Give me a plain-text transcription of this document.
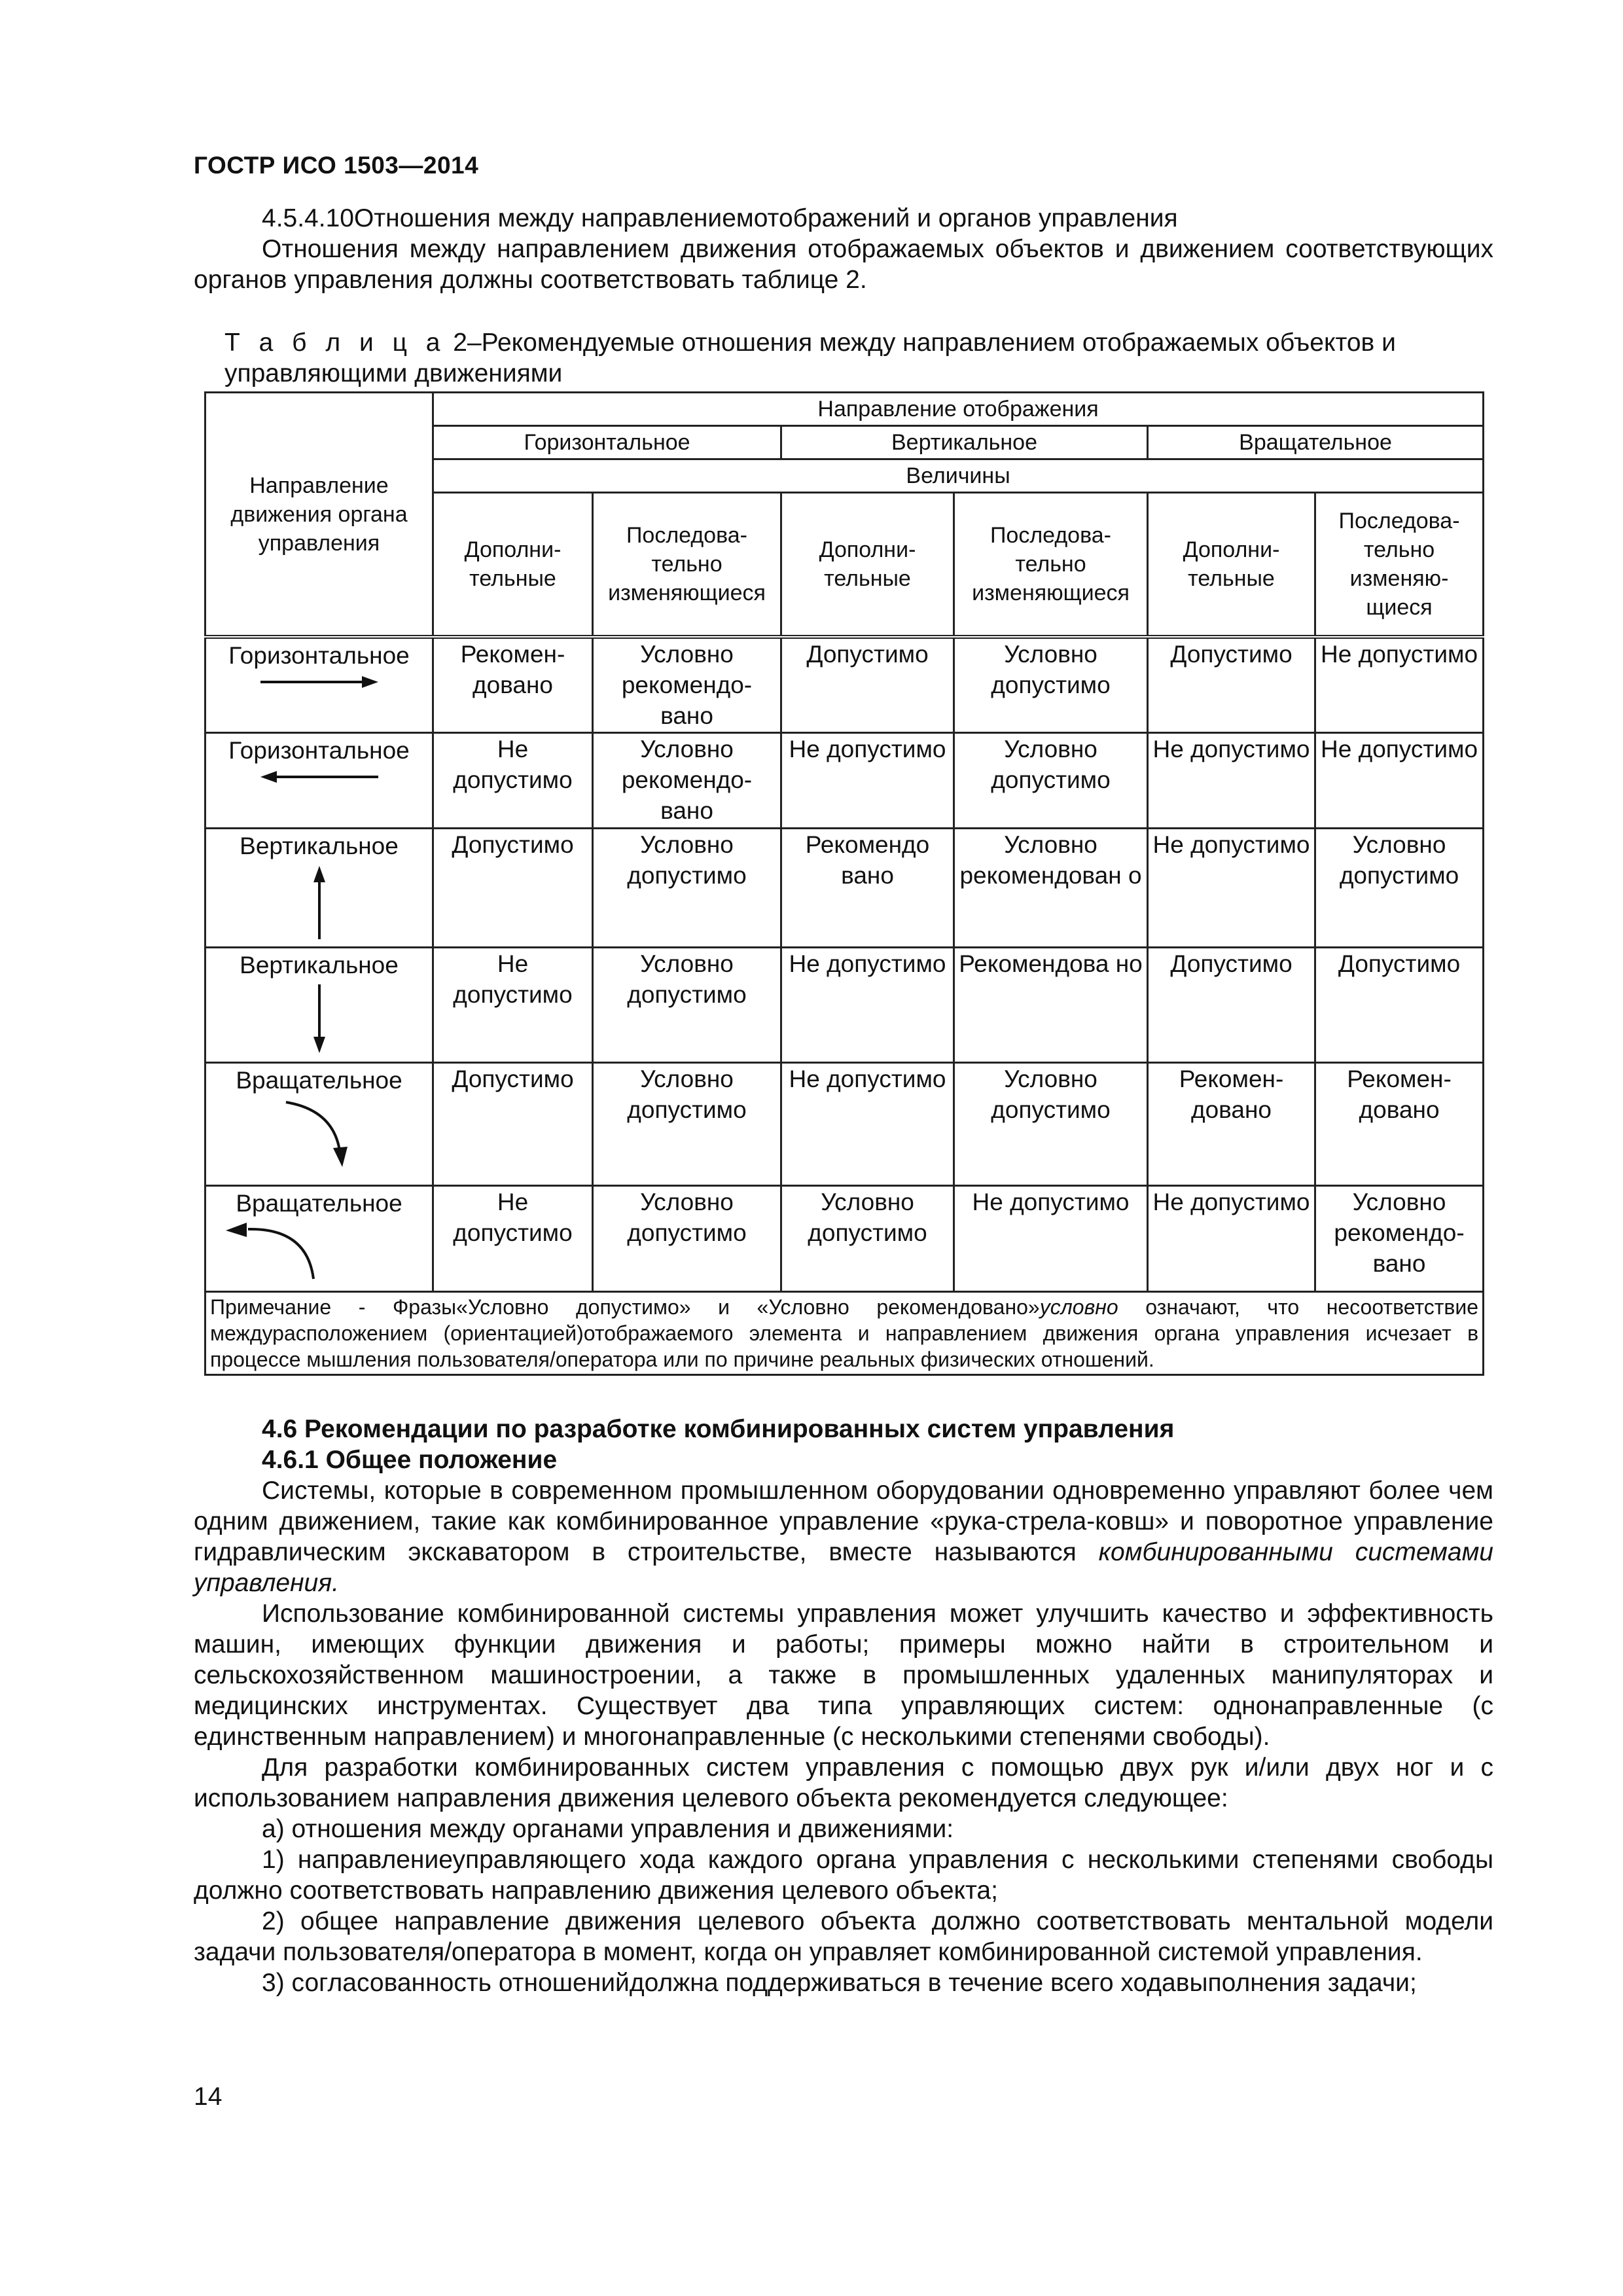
ГОСТР ИСО 1503—2014

4.5.4.10Отношения между направлениемотображений и органов управления

Отношения между направлением движения отображаемых объектов и движением соответствующих органов управления должны соответствовать таблице 2.

Т а б л и ц а 2–Рекомендуемые отношения между направлением отображаемых объектов и управляющими движениями
Направление движения органа управления	Направление отображения					
	Горизонтальное		Вертикальное		Вращательное	
	Величины					
	Дополни-тельные	Последова-тельно изменяющиеся	Дополни-тельные	Последова-тельно изменяющиеся	Дополни-тельные	Последова-тельно изменяю-щиеся

Горизонтальное	Рекомен-довано	Условно рекомендо-вано	Допустимо	Условно допустимо	Допустимо	Не допустимо

Горизонтальное	Не допустимо	Условно рекомендо-вано	Не допустимо	Условно допустимо	Не допустимо	Не допустимо

Вертикальное	Допустимо	Условно допустимо	Рекомендо вано	Условно рекомендован о	Не допустимо	Условно допустимо

Вертикальное	Не допустимо	Условно допустимо	Не допустимо	Рекомендова но	Допустимо	Допустимо

Вращательное	Допустимо	Условно допустимо	Не допустимо	Условно допустимо	Рекомен-довано	Рекомен-довано

Вращательное	Не допустимо	Условно допустимо	Условно допустимо	Не допустимо	Не допустимо	Условно рекомендо-вано
Примечание - Фразы«Условно допустимо» и «Условно рекомендовано»условно означают, что несоответствие междурасположением (ориентацией)отображаемого элемента и направлением движения органа управления исчезает в процессе мышления пользователя/оператора или по причине реальных физических отношений.						

4.6 Рекомендации по разработке комбинированных систем управления

4.6.1 Общее положение

Системы, которые в современном промышленном оборудовании одновременно управляют более чем одним движением, такие как комбинированное управление «рука-стрела-ковш» и поворотное управление гидравлическим экскаватором в строительстве, вместе называются комбинированными системами управления.

Использование комбинированной системы управления может улучшить качество и эффективность машин, имеющих функции движения и работы; примеры можно найти в строительном и сельскохозяйственном машиностроении, а также в промышленных удаленных манипуляторах и медицинских инструментах. Существует два типа управляющих систем: однонаправленные (с единственным направлением) и многонаправленные (с несколькими степенями свободы).

Для разработки комбинированных систем управления с помощью двух рук и/или двух ног и с использованием направления движения целевого объекта рекомендуется следующее:

а) отношения между органами управления и движениями:

1) направлениеуправляющего хода каждого органа управления с несколькими степенями свободы должно соответствовать направлению движения целевого объекта;

2) общее направление движения целевого объекта должно соответствовать ментальной модели задачи пользователя/оператора в момент, когда он управляет комбинированной системой управления.

3) согласованность отношенийдолжна поддерживаться в течение всего ходавыполнения задачи;

14
